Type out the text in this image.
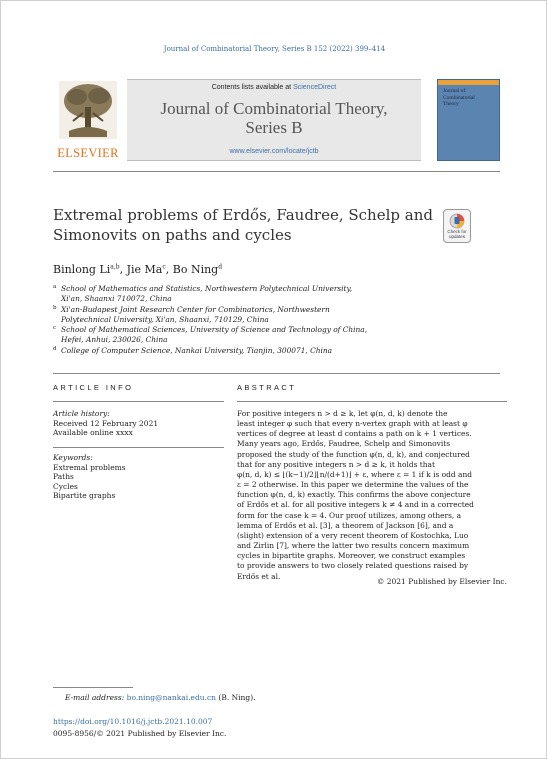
Journal of Combinatorial Theory, Series B 152 (2022) 399–414
ELSEVIER
Contents lists available at ScienceDirect
Journal of Combinatorial Theory,
Series B
www.elsevier.com/locate/jctb
Journal of
Combinatorial
Theory
Extremal problems of Erdős, Faudree, Schelp and
Simonovits on paths and cycles	Check for
updates
Binlong Li$^{a,b}$, Jie Ma$^c$, Bo Ning$^d$
a School of Mathematics and Statistics, Northwestern Polytechnical University,
Xi'an, Shaanxi 710072, China
b Xi'an-Budapest Joint Research Center for Combinatorics, Northwestern
Polytechnical University, Xi'an, Shaanxi, 710129, China
c School of Mathematical Sciences, University of Science and Technology of China,
Hefei, Anhui, 230026, China
d College of Computer Science, Nankai University, Tianjin, 300071, China
ARTICLE INFO	ABSTRACT
Article history:
Received 12 February 2021
Available online xxxx
Keywords:
Extremal problems
Paths
Cycles
Bipartite graphs
For positive integers n > d ≥ k, let φ(n, d, k) denote the
least integer φ such that every n-vertex graph with at least φ
vertices of degree at least d contains a path on k + 1 vertices.
Many years ago, Erdős, Faudree, Schelp and Simonovits
proposed the study of the function φ(n, d, k), and conjectured
that for any positive integers n > d ≥ k, it holds that
φ(n, d, k) ≤ ⌊(k−1)/2⌋⌊n/(d+1)⌋ + ε, where ε = 1 if k is odd and
ε = 2 otherwise. In this paper we determine the values of the
function φ(n, d, k) exactly. This confirms the above conjecture
of Erdős et al. for all positive integers k ≠ 4 and in a corrected
form for the case k = 4. Our proof utilizes, among others, a
lemma of Erdős et al. [3], a theorem of Jackson [6], and a
(slight) extension of a very recent theorem of Kostochka, Luo
and Zirlin [7], where the latter two results concern maximum
cycles in bipartite graphs. Moreover, we construct examples
to provide answers to two closely related questions raised by
Erdős et al.
© 2021 Published by Elsevier Inc.
E-mail address: bo.ning@nankai.edu.cn (B. Ning).
https://doi.org/10.1016/j.jctb.2021.10.007
0095-8956/© 2021 Published by Elsevier Inc.
